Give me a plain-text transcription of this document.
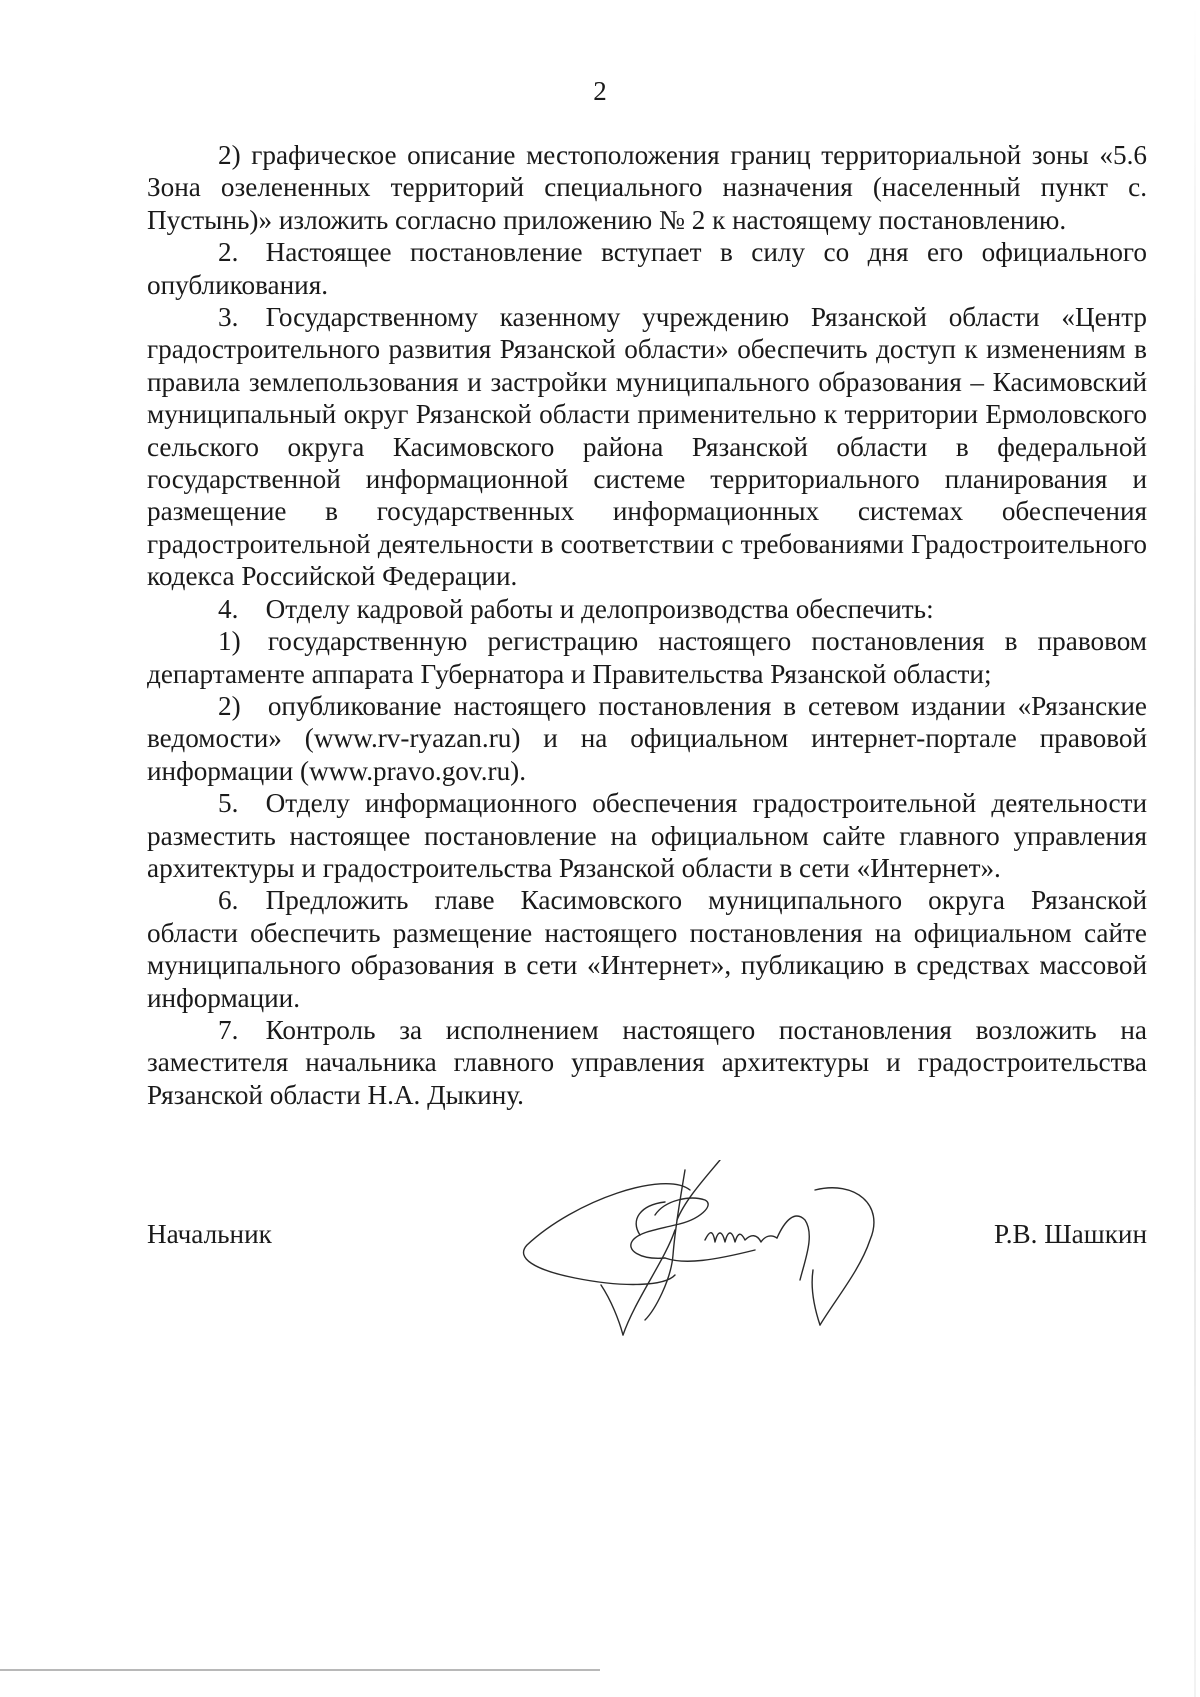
2

2) графическое описание местоположения границ территориальной зоны «5.6 Зона озелененных территорий специального назначения (населенный пункт с. Пустынь)» изложить согласно приложению № 2 к настоящему постановлению.

2. Настоящее постановление вступает в силу со дня его официального опубликования.

3. Государственному казенному учреждению Рязанской области «Центр градостроительного развития Рязанской области» обеспечить доступ к изменениям в правила землепользования и застройки муниципального образования – Касимовский муниципальный округ Рязанской области применительно к территории Ермоловского сельского округа Касимовского района Рязанской области в федеральной государственной информационной системе территориального планирования и размещение в государственных информационных системах обеспечения градостроительной деятельности в соответствии с требованиями Градостроительного кодекса Российской Федерации.

4. Отделу кадровой работы и делопроизводства обеспечить:

1) государственную регистрацию настоящего постановления в правовом департаменте аппарата Губернатора и Правительства Рязанской области;

2) опубликование настоящего постановления в сетевом издании «Рязанские ведомости» (www.rv-ryazan.ru) и на официальном интернет-портале правовой информации (www.pravo.gov.ru).

5. Отделу информационного обеспечения градостроительной деятельности разместить настоящее постановление на официальном сайте главного управления архитектуры и градостроительства Рязанской области в сети «Интернет».

6. Предложить главе Касимовского муниципального округа Рязанской области обеспечить размещение настоящего постановления на официальном сайте муниципального образования в сети «Интернет», публикацию в средствах массовой информации.

7. Контроль за исполнением настоящего постановления возложить на заместителя начальника главного управления архитектуры и градостроительства Рязанской области Н.А. Дыкину.

Начальник	Р.В. Шашкин
